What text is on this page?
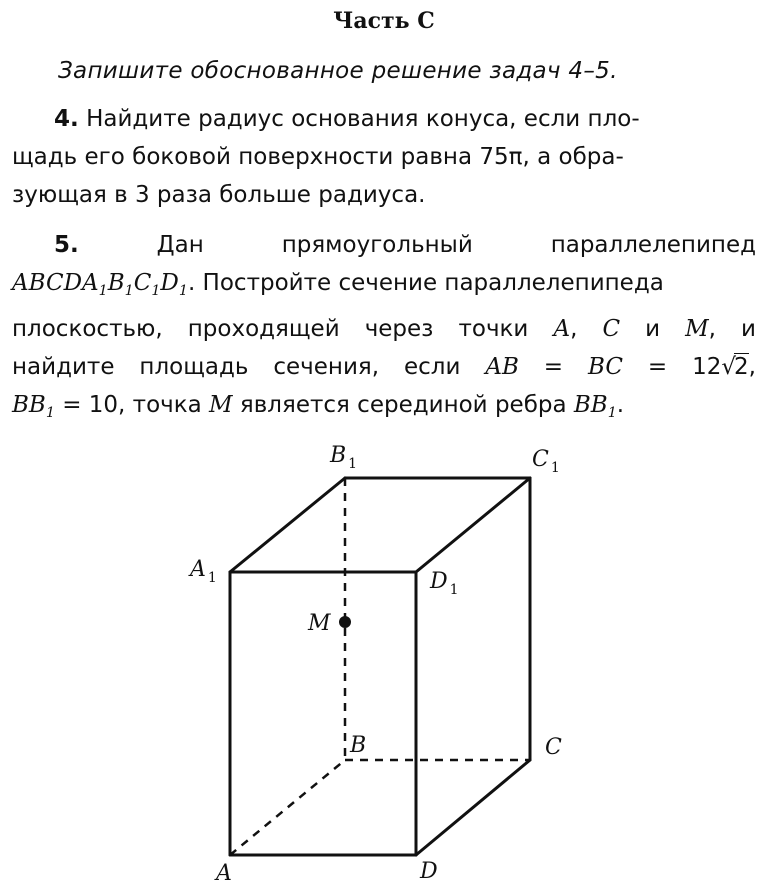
Часть С
Запишите обоснованное решение задач 4–5.
4. Найдите радиус основания конуса, если пло-
щадь его боковой поверхности равна 75π, а обра-
зующая в 3 раза больше радиуса.
5.	Дан	прямоугольный	параллелепипед
$ABCDA_1B_1C_1D_1$. Постройте сечение параллелепипеда
плоскостью, проходящей через точки A, C и M, и
найдите площадь сечения, если AB = BC = 12√2,
$BB_1 = 10$, точка M является серединой ребра $BB_1$.
B $_1$	C $_1$
A $_1$	D $_1$
M
B	C
A	D
